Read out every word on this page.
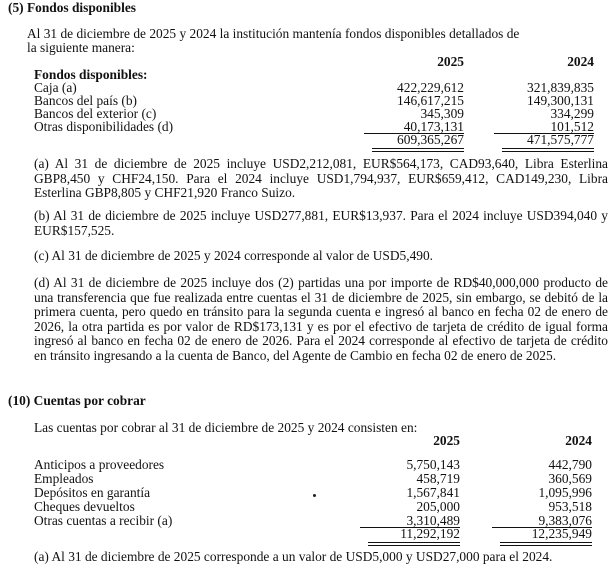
(5) Fondos disponibles
Al 31 de diciembre de 2025 y 2024 la institución mantenía fondos disponibles detallados de
la siguiente manera:
2025	2024
Fondos disponibles:
Caja (a)	422,229,612	321,839,835
Bancos del país (b)	146,617,215	149,300,131
Bancos del exterior (c)	345,309	334,299
Otras disponibilidades (d)	40,173,131	101,512
609,365,267	471,575,777
(a) Al 31 de diciembre de 2025 incluye USD2,212,081, EUR$564,173, CAD93,640, Libra Esterlina GBP8,450 y CHF24,150. Para el 2024 incluye USD1,794,937, EUR$659,412, CAD149,230, Libra Esterlina GBP8,805 y CHF21,920 Franco Suizo.
(b) Al 31 de diciembre de 2025 incluye USD277,881, EUR$13,937. Para el 2024 incluye USD394,040 y EUR$157,525.
(c) Al 31 de diciembre de 2025 y 2024 corresponde al valor de USD5,490.
(d) Al 31 de diciembre de 2025 incluye dos (2) partidas una por importe de RD$40,000,000 producto de una transferencia que fue realizada entre cuentas el 31 de diciembre de 2025, sin embargo, se debitó de la primera cuenta, pero quedo en tránsito para la segunda cuenta e ingresó al banco en fecha 02 de enero de 2026, la otra partida es por valor de RD$173,131 y es por el efectivo de tarjeta de crédito de igual forma ingresó al banco en fecha 02 de enero de 2026. Para el 2024 corresponde al efectivo de tarjeta de crédito en tránsito ingresando a la cuenta de Banco, del Agente de Cambio en fecha 02 de enero de 2025.
(10) Cuentas por cobrar
Las cuentas por cobrar al 31 de diciembre de 2025 y 2024 consisten en:
2025	2024
Anticipos a proveedores	5,750,143	442,790
Empleados	458,719	360,569
Depósitos en garantía	1,567,841	1,095,996
Cheques devueltos	205,000	953,518
Otras cuentas a recibir (a)	3,310,489	9,383,076
11,292,192	12,235,949
(a) Al 31 de diciembre de 2025 corresponde a un valor de USD5,000 y USD27,000 para el 2024.
